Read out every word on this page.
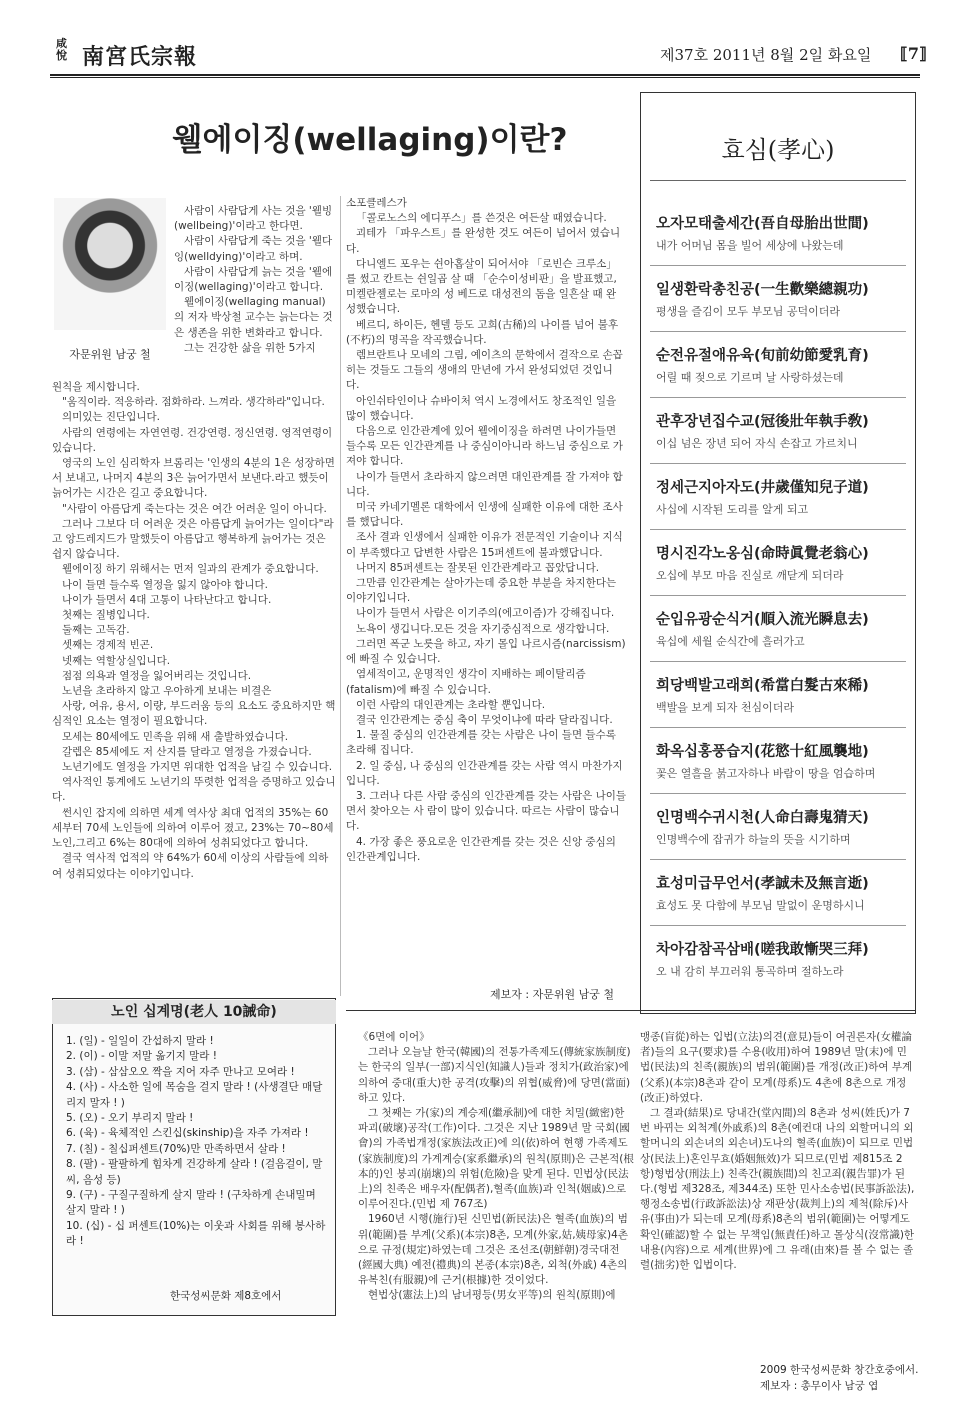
咸悅 南宮氏宗報	제37호 2011년 8월 2일 화요일 ⟦7⟧
웰에이징(wellaging)이란?
자문위원 남궁 철

사람이 사람답게 사는 것을 '웰빙(wellbeing)'이라고 한다면.

사람이 사람답게 죽는 것을 '웰다잉(welldying)'이라고 하며.

사람이 사람답게 늙는 것을 '웰에이징(wellaging)'이라고 합니다.

웰에이징(wellaging manual)의 저자 박상철 교수는 늙는다는 것은 생존을 위한 변화라고 합니다.

그는 건강한 삶을 위한 5가지

원칙을 제시합니다.

"움직이라. 적응하라. 점화하라. 느껴라. 생각하라"입니다.

의미있는 진단입니다.

사람의 연령에는 자연연령. 건강연령. 정신연령. 영적연령이 있습니다.

영국의 노인 심리학자 브롬리는 '인생의 4분의 1은 성장하면서 보내고, 나머지 4분의 3은 늙어가면서 보낸다.라고 했듯이 늙어가는 시간은 길고 중요합니다.

"사람이 아름답게 죽는다는 것은 여간 어려운 일이 아니다.

그러나 그보다 더 어려운 것은 아름답게 늙어가는 일이다"라고 앙드레지드가 말했듯이 아름답고 행복하게 늙어가는 것은 쉽지 않습니다.

웰에이징 하기 위해서는 먼저 일과의 관계가 중요합니다.

나이 들면 들수록 열정을 잃지 않아야 합니다.

나이가 들면서 4대 고통이 나타난다고 합니다.

첫째는 질병입니다.

둘째는 고독감.

셋째는 경제적 빈곤.

넷째는 역할상실입니다.

점점 의욕과 열정을 잃어버리는 것입니다.

노년을 초라하지 않고 우아하게 보내는 비결은

사랑, 여유, 용서, 이량, 부드러움 등의 요소도 중요하지만 핵심적인 요소는 열정이 필요합니다.

모세는 80세에도 민족을 위해 새 출발하였습니다.

갈렙은 85세에도 저 산지를 달라고 열정을 가졌습니다.

노년기에도 열정을 가지면 위대한 업적을 남길 수 있습니다.

역사적인 통계에도 노년기의 뚜렷한 업적을 증명하고 있습니다.

썬시인 잡지에 의하면 세계 역사상 최대 업적의 35%는 60세부터 70세 노인들에 의하여 이루어 졌고, 23%는 70~80세 노인,그리고 6%는 80대에 의하여 성취되었다고 합니다.

결국 역사적 업적의 약 64%가 60세 이상의 사람들에 의하여 성취되었다는 이야기입니다.

소포클레스가

「콜로노스의 에디푸스」를 쓴것은 여든살 때였습니다.

괴테가 「파우스트」를 완성한 것도 여든이 넘어서 였습니다.

다니엘드 포우는 쉰아홉살이 되어서야 「로빈슨 크루소」를 썼고 칸트는 쉰일곱 살 때 「순수이성비판」을 발표했고, 미켈란젤로는 로마의 성 베드로 대성전의 돔을 일흔살 때 완성했습니다.

베르디, 하이든, 헨델 등도 고희(古稀)의 나이를 넘어 불후(不朽)의 명곡을 작곡했습니다.

렘브란트나 모네의 그림, 예이츠의 문학에서 걸작으로 손꼽히는 것들도 그들의 생애의 만년에 가서 완성되었던 것입니다.

아인쉬타인이나 슈바이처 역시 노경에서도 창조적인 일을 많이 했습니다.

다음으로 인간관계에 있어 웰에이징을 하려면 나이가들면 들수록 모든 인간관계를 나 중심이아니라 하느님 중심으로 가져야 합니다.

나이가 들면서 초라하지 않으려면 대인관계를 잘 가져야 합니다.

미국 카네기멜론 대학에서 인생에 실패한 이유에 대한 조사를 했답니다.

조사 결과 인생에서 실패한 이유가 전문적인 기술이나 지식이 부족했다고 답변한 사람은 15퍼센트에 불과했답니다.

나머지 85퍼센트는 잘못된 인간관계라고 꼽았답니다.

그만큼 인간관계는 살아가는데 중요한 부분을 차지한다는 이야기입니다.

나이가 들면서 사람은 이기주의(에고이즘)가 강해집니다.

노욕이 생깁니다.모든 것을 자기중심적으로 생각합니다.

그러면 폭군 노릇을 하고, 자기 몰입 나르시즘(narcissism)에 빠질 수 있습니다.

염세적이고, 운명적인 생각이 지배하는 페이탈리즘(fatalism)에 빠질 수 있습니다.

이런 사람의 대인관계는 초라할 뿐입니다.

결국 인간관계는 중심 축이 무엇이냐에 따라 달라집니다.

1. 물질 중심의 인간관계를 갖는 사람은 나이 들면 들수록 초라해 집니다.

2. 일 중심, 나 중심의 인간관계를 갖는 사람 역시 마찬가지입니다.

3. 그러나 다른 사람 중심의 인간관계를 갖는 사람은 나이들면서 찾아오는 사 람이 많이 있습니다. 따르는 사람이 많습니다.

4. 가장 좋은 풍요로운 인간관계를 갖는 것은 신앙 중심의 인간관계입니다.

제보자 : 자문위원 남궁 철
효심(孝心)
오자모태출세간(吾自母胎出世間)
내가 어머님 몸을 빌어 세상에 나왔는데
일생환락총친공(一生歡樂總親功)
평생을 즐김이 모두 부모님 공덕이더라
순전유절애유육(旬前幼節愛乳育)
어릴 때 젖으로 기르며 날 사랑하셨는데
관후장년집수교(冠後壯年執手敎)
이십 넘은 장년 되어 자식 손잡고 가르치니
정세근지아자도(井歲僅知兒子道)
사십에 시작된 도리를 알게 되고
명시진각노옹심(命時眞覺老翁心)
오십에 부모 마음 진실로 깨닫게 되더라
순입유광순식거(順入流光瞬息去)
육십에 세월 순식간에 흘러가고
희당백발고래희(希當白髮古來稀)
백발을 보게 되자 천심이더라
화옥십홍풍습지(花慾十紅風襲地)
꽃은 열흘을 붉고자하나 바람이 땅을 엄습하며
인명백수귀시천(人命白壽鬼猜天)
인명백수에 잡귀가 하늘의 뜻을 시기하며
효성미급무언서(孝誠未及無言逝)
효성도 못 다함에 부모님 말없이 운명하시니
차아감참곡삼배(嗟我敢慚哭三拜)
오 내 감히 부끄러워 통곡하며 절하노라
노인 십계명(老人 10誡命)
1. (일) - 일일이 간섭하지 말라 !
2. (이) - 이말 저말 옮기지 말라 !
3. (삼) - 삼삼오오 짝을 지어 자주 만나고 모여라 !
4. (사) - 사소한 일에 목숨을 걸지 말라 ! (사생결단 매달리지 말자 ! )
5. (오) - 오기 부리지 말라 !
6. (육) - 육체적인 스킨십(skinship)을 자주 가져라 !
7. (칠) - 칠십퍼센트(70%)만 만족하면서 살라 !
8. (팔) - 팔팔하게 힘차게 건강하게 살라 ! (걸음걸이, 말씨, 음성 등)
9. (구) - 구질구질하게 살지 말라 ! (구차하게 손내밀며 살지 말라 ! )
10. (십) - 십 퍼센트(10%)는 이웃과 사회를 위해 봉사하라 !
한국성씨문화 제8호에서

《6면에 이어》

그러나 오늘날 한국(韓國)의 전통가족제도(傳統家族制度)는 한국의 일부(一部)지식인(知識人)들과 정치가(政治家)에 의하여 중대(重大)한 공격(攻擊)의 위협(威脅)에 당면(當面)하고 있다.

그 첫째는 가(家)의 계승제(繼承制)에 대한 치밀(緻密)한 파괴(破壞)공작(工作)이다. 그것은 지난 1989년 말 국회(國會)의 가족법개정(家族法改正)에 의(依)하여 현행 가족제도(家族制度)의 가계계승(家系繼承)의 원칙(原則)은 근본적(根本的)인 붕괴(崩壞)의 위험(危險)을 맞게 된다. 민법상(民法上)의 친족은 배우자(配偶者),혈족(血族)과 인척(姻戚)으로 이루어진다.(민법 제 767조)

1960년 시행(施行)된 신민법(新民法)은 혈족(血族)의 범위(範圍)를 부계(父系)(本宗)8촌, 모계(外家,姑,姨母家)4촌으로 규정(規定)하였는데 그것은 조선조(朝鮮朝)경국대전(經國大典) 예전(禮典)의 본종(本宗)8촌, 외척(外戚) 4촌의 유복친(有服親)에 근거(根據)한 것이었다.

현법상(憲法上)의 남녀평등(男女平等)의 원칙(原則)에

맹종(盲從)하는 입법(立法)의견(意見)들이 여권론자(女權論者)들의 요구(要求)를 수용(收用)하여 1989년 말(末)에 민법(民法)의 친족(親族)의 범위(範圍)를 개정(改正)하여 부계(父系)(本宗)8촌과 같이 모계(母系)도 4촌에 8촌으로 개정(改正)하였다.

그 결과(結果)로 당내간(堂內間)의 8촌과 성씨(姓氏)가 7번 바뀌는 외척계(外戚系)의 8촌(예컨대 나의 외할머니의 외할머니의 외손녀의 외손녀)도나의 혈족(血族)이 되므로 민법상(民法上)혼인무효(婚姻無效)가 되므로(민법 제815조 2항)형법상(刑法上) 친족간(親族間)의 친고죄(親告罪)가 된다.(형법 제328조, 제344조) 또한 민사소송법(民事訴訟法), 행정소송법(行政訴訟法)상 재판상(裁判上)의 제척(除斥)사유(事由)가 되는데 모계(母系)8촌의 범위(範圍)는 어떻게도 확인(確認)할 수 없는 무책임(無責任)하고 몰상식(沒常識)한 내용(內容)으로 세계(世界)에 그 유래(由來)를 볼 수 없는 졸렬(拙劣)한 입법이다.

2009 한국성씨문화 창간호중에서.
제보자 : 총무이사 남궁 엽
